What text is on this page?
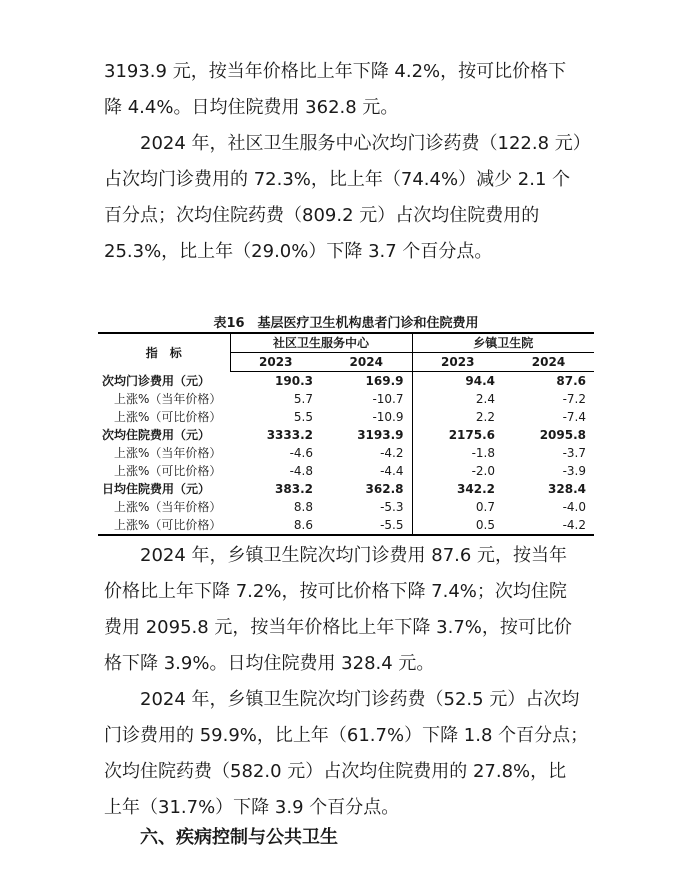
3193.9 元，按当年价格比上年下降 4.2%，按可比价格下
降 4.4%。日均住院费用 362.8 元。
　　2024 年，社区卫生服务中心次均门诊药费（122.8 元）
占次均门诊费用的 72.3%，比上年（74.4%）减少 2.1 个
百分点；次均住院药费（809.2 元）占次均住院费用的
25.3%，比上年（29.0%）下降 3.7 个百分点。
表16　基层医疗卫生机构患者门诊和住院费用
指　标	社区卫生服务中心		乡镇卫生院	
	2023	2024	2023	2024
次均门诊费用（元）	190.3	169.9	94.4	87.6
上涨%（当年价格）	5.7	-10.7	2.4	-7.2
上涨%（可比价格）	5.5	-10.9	2.2	-7.4
次均住院费用（元）	3333.2	3193.9	2175.6	2095.8
上涨%（当年价格）	-4.6	-4.2	-1.8	-3.7
上涨%（可比价格）	-4.8	-4.4	-2.0	-3.9
日均住院费用（元）	383.2	362.8	342.2	328.4
上涨%（当年价格）	8.8	-5.3	0.7	-4.0
上涨%（可比价格）	8.6	-5.5	0.5	-4.2
　　2024 年，乡镇卫生院次均门诊费用 87.6 元，按当年
价格比上年下降 7.2%，按可比价格下降 7.4%；次均住院
费用 2095.8 元，按当年价格比上年下降 3.7%，按可比价
格下降 3.9%。日均住院费用 328.4 元。
　　2024 年，乡镇卫生院次均门诊药费（52.5 元）占次均
门诊费用的 59.9%，比上年（61.7%）下降 1.8 个百分点；
次均住院药费（582.0 元）占次均住院费用的 27.8%，比
上年（31.7%）下降 3.9 个百分点。
　　六、疾病控制与公共卫生
